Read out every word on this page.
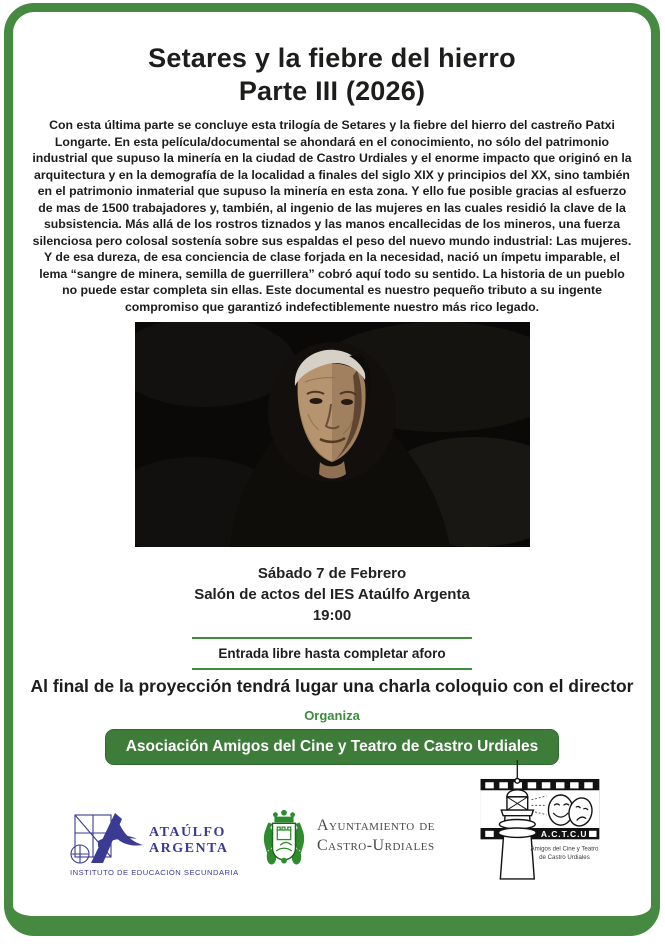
Setares y la fiebre del hierro
Parte III (2026)

Con esta última parte se concluye esta trilogía de Setares y la fiebre del hierro del castreño Patxi Longarte. En esta película/documental se ahondará en el conocimiento, no sólo del patrimonio industrial que supuso la minería en la ciudad de Castro Urdiales y el enorme impacto que originó en la arquitectura y en la demografía de la localidad a finales del siglo XIX y principios del XX, sino también en el patrimonio inmaterial que supuso la minería en esta zona. Y ello fue posible gracias al esfuerzo de mas de 1500 trabajadores y, también, al ingenio de las mujeres en las cuales residió la clave de la subsistencia. Más allá de los rostros tiznados y las manos encallecidas de los mineros, una fuerza silenciosa pero colosal sostenía sobre sus espaldas el peso del nuevo mundo industrial: Las mujeres. Y de esa dureza, de esa conciencia de clase forjada en la necesidad, nació un ímpetu imparable, el lema “sangre de minera, semilla de guerrillera” cobró aquí todo su sentido. La historia de un pueblo no puede estar completa sin ellas. Este documental es nuestro pequeño tributo a su ingente compromiso que garantizó indefectiblemente nuestro más rico legado.

Sábado 7 de Febrero
Salón de actos del IES Ataúlfo Argenta
19:00
Entrada libre hasta completar aforo
Al final de la proyección tendrá lugar una charla coloquio con el director
Organiza
Asociación Amigos del Cine y Teatro de Castro Urdiales
ATAÚLFO
ARGENTA
INSTITUTO DE EDUCACIÓN SECUNDARIA
Ayuntamiento de
Castro-Urdiales
A.C.T.C.U
Amigos del Cine y Teatro
de Castro Urdiales
